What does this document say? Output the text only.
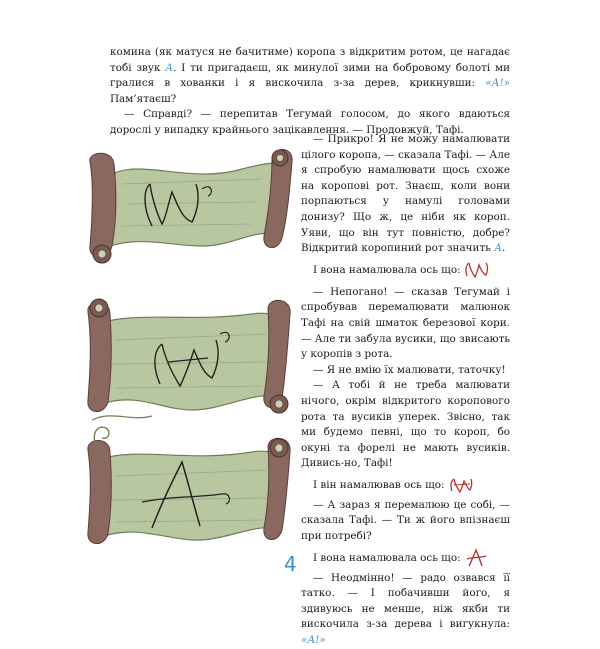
комина (як матуся не бачитиме) коропа з відкритим ротом, це нагадає тобі звук А. І ти пригадаєш, як минулої зими на бобровому болоті ми гралися в хованки і я вискочила з-за дерев, крикнувши: «А!» Пам’ятаєш?

— Справді? — перепитав Тегумай голосом, до якого вдаються дорослі у випадку крайнього зацікавлення. — Продовжуй, Тафі.

— Прикро! Я не можу намалювати цілого коропа, — сказала Тафі. — Але я спробую намалювати щось схоже на коропові рот. Знаєш, коли вони порпаються у намулі головами донизу? Що ж, це ніби як короп. Уяви, що він тут повністю, добре? Відкритий коропиний рот значить А.

І вона намалювала ось що:

— Непогано! — сказав Тегумай і спробував перемалювати малюнок Тафі на свій шматок березової кори. — Але ти забула вусики, що звисають у коропів з рота.

— Я не вмію їх малювати, таточку!

— А тобі й не треба малювати нічого, окрім відкритого коропового рота та вусиків уперек. Звісно, так ми будемо певні, що то короп, бо окуні та форелі не мають вусиків. Дивись-но, Тафі!

І він намалював ось що:

— А зараз я перемалюю це собі, — сказала Тафі. — Ти ж його впізнаєш при потребі?

І вона намалювала ось що:

— Неодмінно! — радо озвався її татко. — І побачивши його, я здивуюсь не менше, ніж якби ти вискочила з-за дерева і вигукнула: «А!»

4
